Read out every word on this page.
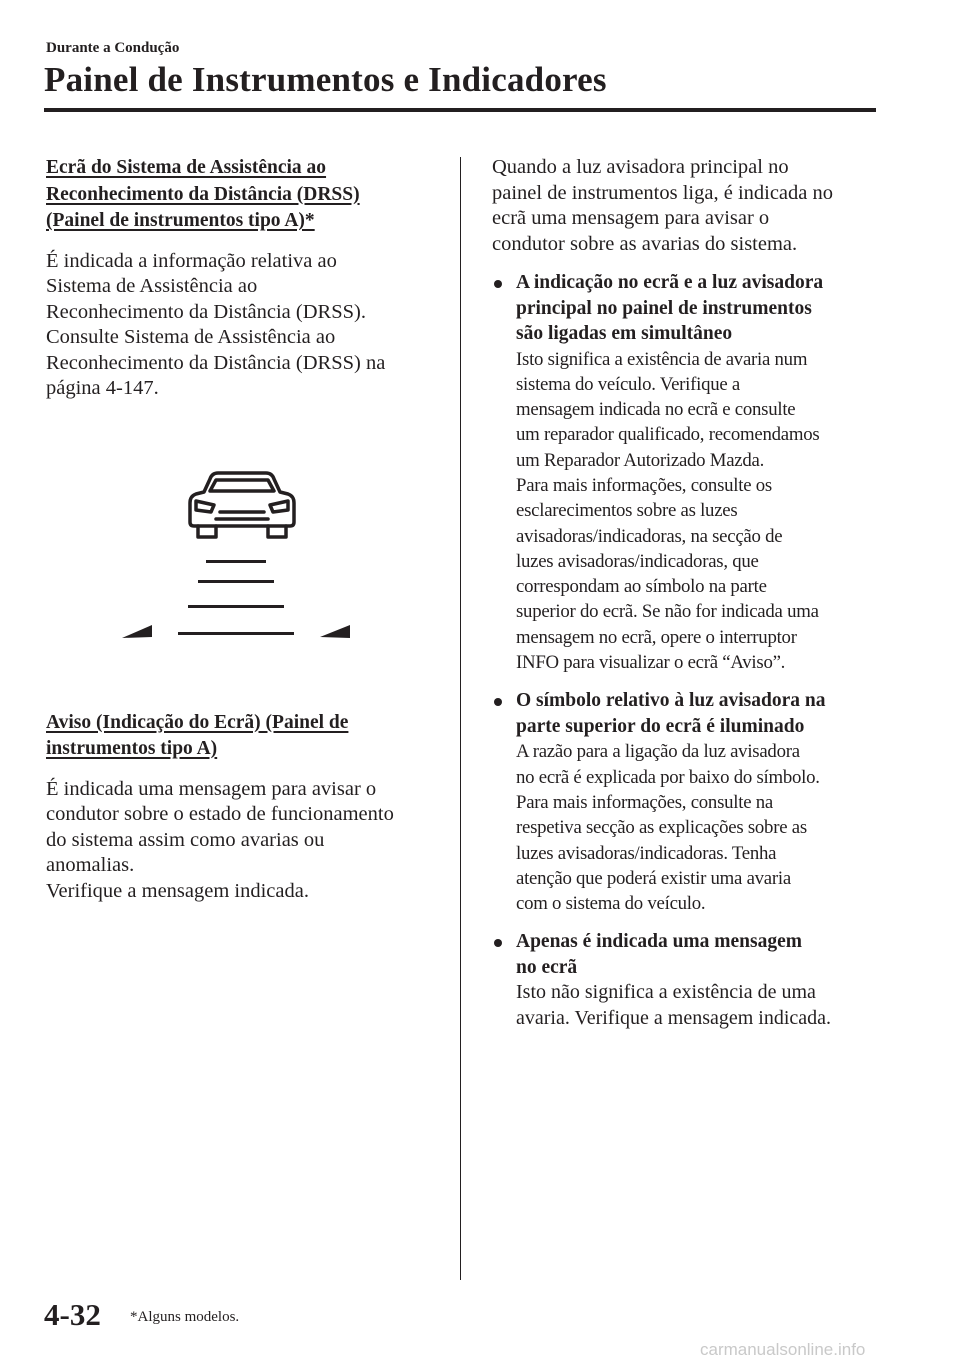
Durante a Condução
Painel de Instrumentos e Indicadores
Ecrã do Sistema de Assistência ao
Reconhecimento da Distância (DRSS)
(Painel de instrumentos tipo A)*

É indicada a informação relativa ao
Sistema de Assistência ao
Reconhecimento da Distância (DRSS).
Consulte Sistema de Assistência ao
Reconhecimento da Distância (DRSS) na
página 4-147.

Aviso (Indicação do Ecrã) (Painel de
instrumentos tipo A)

É indicada uma mensagem para avisar o
condutor sobre o estado de funcionamento
do sistema assim como avarias ou
anomalias.
Verifique a mensagem indicada.

Quando a luz avisadora principal no
painel de instrumentos liga, é indicada no
ecrã uma mensagem para avisar o
condutor sobre as avarias do sistema.

A indicação no ecrã e a luz avisadora
principal no painel de instrumentos
são ligadas em simultâneo

Isto significa a existência de avaria num
sistema do veículo. Verifique a
mensagem indicada no ecrã e consulte
um reparador qualificado, recomendamos
um Reparador Autorizado Mazda.
Para mais informações, consulte os
esclarecimentos sobre as luzes
avisadoras/indicadoras, na secção de
luzes avisadoras/indicadoras, que
correspondam ao símbolo na parte
superior do ecrã. Se não for indicada uma
mensagem no ecrã, opere o interruptor
INFO para visualizar o ecrã “Aviso”.

O símbolo relativo à luz avisadora na
parte superior do ecrã é iluminado

A razão para a ligação da luz avisadora
no ecrã é explicada por baixo do símbolo.
Para mais informações, consulte na
respetiva secção as explicações sobre as
luzes avisadoras/indicadoras. Tenha
atenção que poderá existir uma avaria
com o sistema do veículo.

Apenas é indicada uma mensagem
no ecrã

Isto não significa a existência de uma
avaria. Verifique a mensagem indicada.

4-32 *Alguns modelos.
carmanualsonline.info
